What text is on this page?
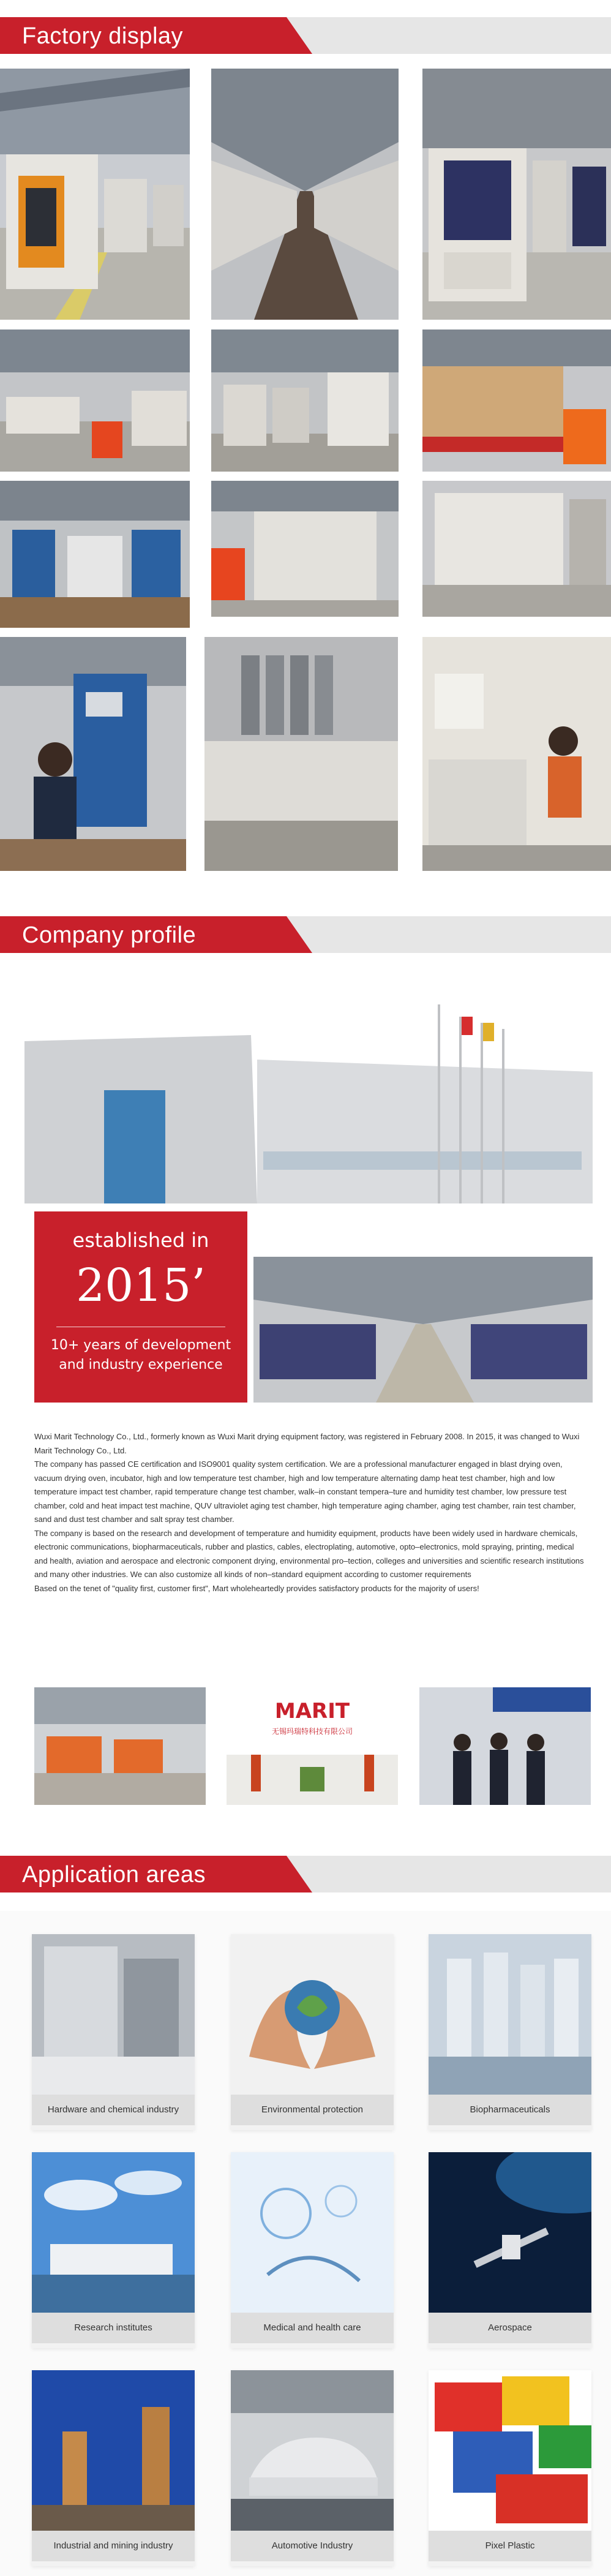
Factory display
Company profile
established in
2015’
10+ years of development
and industry experience

Wuxi Marit Technology Co., Ltd., formerly known as Wuxi Marit drying equipment factory, was registered in February 2008. In 2015, it was changed to Wuxi Marit Technology Co., Ltd.

The company has passed CE certification and ISO9001 quality system certification. We are a professional manufacturer engaged in blast drying oven, vacuum drying oven, incubator, high and low temperature test chamber, high and low temperature alternating damp heat test chamber, high and low temperature impact test chamber, rapid temperature change test chamber, walk–in constant tempera–ture and humidity test chamber, low pressure test chamber, cold and heat impact test machine, QUV ultraviolet aging test chamber, high temperature aging chamber, aging test chamber, rain test chamber, sand and dust test chamber and salt spray test chamber.

The company is based on the research and development of temperature and humidity equipment, products have been widely used in hardware chemicals, electronic communications, biopharmaceuticals, rubber and plastics, cables, electroplating, automotive, opto–electronics, mold spraying, printing, medical and health, aviation and aerospace and electronic component drying, environmental pro–tection, colleges and universities and scientific research institutions and many other industries. We can also customize all kinds of non–standard equipment according to customer requirements

Based on the tenet of "quality first, customer first", Mart wholeheartedly provides satisfactory products for the majority of users!

MARIT
无锡玛瑞特科技有限公司
Application areas
Hardware and chemical industry	Environmental protection	Biopharmaceuticals
Research institutes	Medical and health care	Aerospace
Industrial and mining industry	Automotive Industry	Pixel Plastic
